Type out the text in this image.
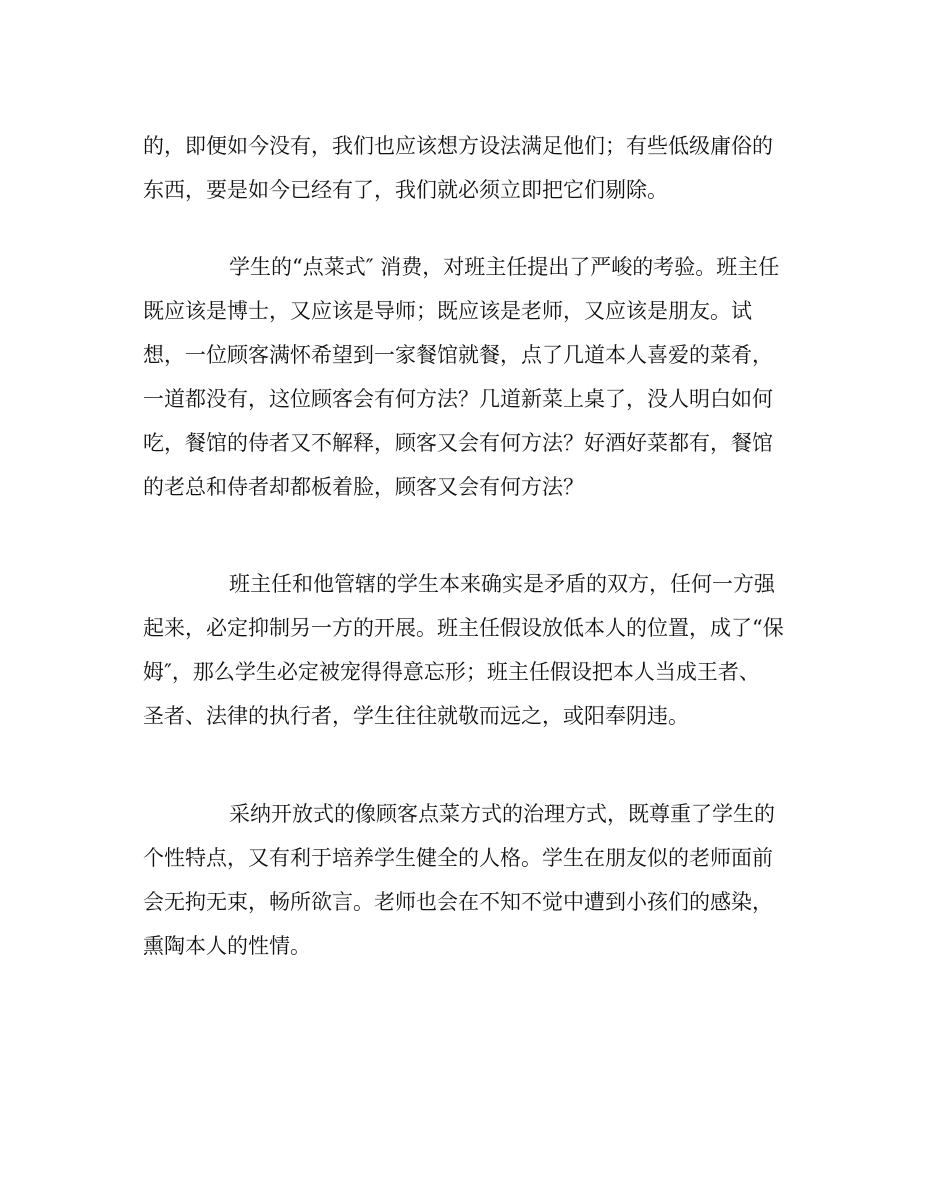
的，即便如今没有，我们也应该想方设法满足他们；有些低级庸俗的
东西，要是如今已经有了，我们就必须立即把它们剔除。
学生的“点菜式″ 消费，对班主任提出了严峻的考验。班主任
既应该是博士，又应该是导师；既应该是老师，又应该是朋友。试
想，一位顾客满怀希望到一家餐馆就餐，点了几道本人喜爱的菜肴，
一道都没有，这位顾客会有何方法？几道新菜上桌了，没人明白如何
吃，餐馆的侍者又不解释，顾客又会有何方法？好酒好菜都有，餐馆
的老总和侍者却都板着脸，顾客又会有何方法？
班主任和他管辖的学生本来确实是矛盾的双方，任何一方强
起来，必定抑制另一方的开展。班主任假设放低本人的位置，成了“保
姆″，那么学生必定被宠得得意忘形；班主任假设把本人当成王者、
圣者、法律的执行者，学生往往就敬而远之，或阳奉阴违。
采纳开放式的像顾客点菜方式的治理方式，既尊重了学生的
个性特点，又有利于培养学生健全的人格。学生在朋友似的老师面前
会无拘无束，畅所欲言。老师也会在不知不觉中遭到小孩们的感染，
熏陶本人的性情。
